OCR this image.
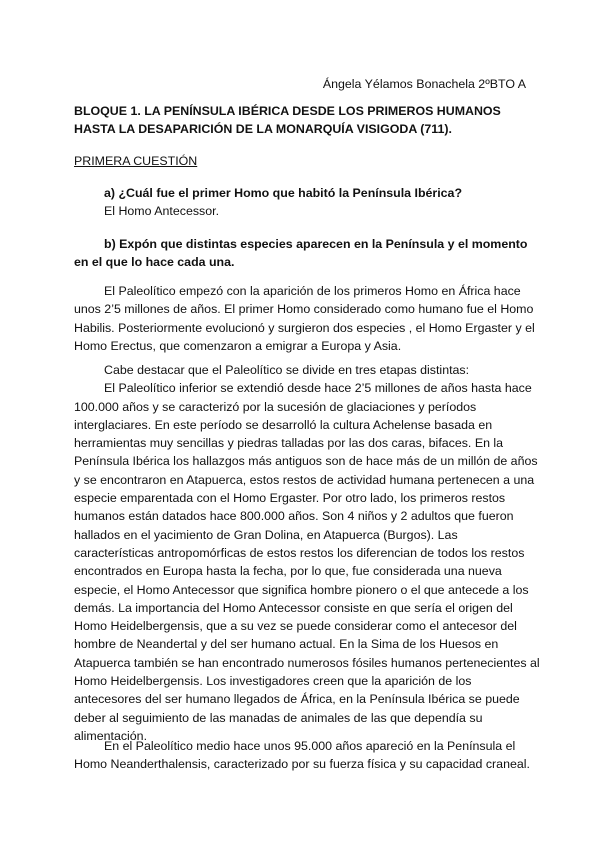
Ángela Yélamos Bonachela 2ºBTO A
BLOQUE 1. LA PENÍNSULA IBÉRICA DESDE LOS PRIMEROS HUMANOS
HASTA LA DESAPARICIÓN DE LA MONARQUÍA VISIGODA (711).
PRIMERA CUESTIÓN
a) ¿Cuál fue el primer Homo que habitó la Península Ibérica?
El Homo Antecessor.
b) Expón que distintas especies aparecen en la Península y el momento
en el que lo hace cada una.
El Paleolítico empezó con la aparición de los primeros Homo en África hace
unos 2’5 millones de años. El primer Homo considerado como humano fue el Homo
Habilis. Posteriormente evolucionó y surgieron dos especies , el Homo Ergaster y el
Homo Erectus, que comenzaron a emigrar a Europa y Asia.
Cabe destacar que el Paleolítico se divide en tres etapas distintas:
El Paleolítico inferior se extendió desde hace 2’5 millones de años hasta hace
100.000 años y se caracterizó por la sucesión de glaciaciones y períodos
interglaciares. En este período se desarrolló la cultura Achelense basada en
herramientas muy sencillas y piedras talladas por las dos caras, bifaces. En la
Península Ibérica los hallazgos más antiguos son de hace más de un millón de años
y se encontraron en Atapuerca, estos restos de actividad humana pertenecen a una
especie emparentada con el Homo Ergaster. Por otro lado, los primeros restos
humanos están datados hace 800.000 años. Son 4 niños y 2 adultos que fueron
hallados en el yacimiento de Gran Dolina, en Atapuerca (Burgos). Las
características antropomórficas de estos restos los diferencian de todos los restos
encontrados en Europa hasta la fecha, por lo que, fue considerada una nueva
especie, el Homo Antecessor que significa hombre pionero o el que antecede a los
demás. La importancia del Homo Antecessor consiste en que sería el origen del
Homo Heidelbergensis, que a su vez se puede considerar como el antecesor del
hombre de Neandertal y del ser humano actual. En la Sima de los Huesos en
Atapuerca también se han encontrado numerosos fósiles humanos pertenecientes al
Homo Heidelbergensis. Los investigadores creen que la aparición de los
antecesores del ser humano llegados de África, en la Península Ibérica se puede
deber al seguimiento de las manadas de animales de las que dependía su
alimentación.
En el Paleolítico medio hace unos 95.000 años apareció en la Península el
Homo Neanderthalensis, caracterizado por su fuerza física y su capacidad craneal.
